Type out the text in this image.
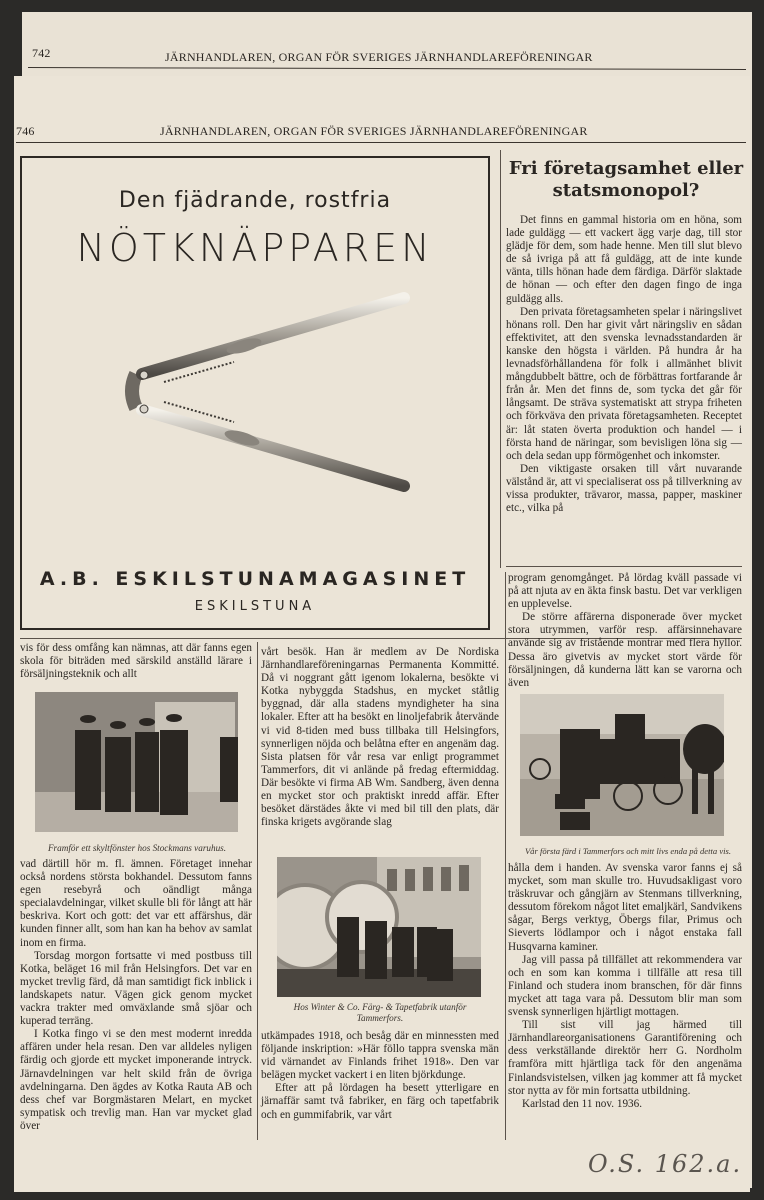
742	JÄRNHANDLAREN, ORGAN FÖR SVERIGES JÄRNHANDLAREFÖRENINGAR
746	JÄRNHANDLAREN, ORGAN FÖR SVERIGES JÄRNHANDLAREFÖRENINGAR
Den fjädrande, rostfria
NÖTKNÄPPAREN
A.B. ESKILSTUNAMAGASINET
ESKILSTUNA
Fri företagsamhet eller statsmonopol?

Det finns en gammal historia om en höna, som lade guldägg — ett vackert ägg varje dag, till stor glädje för dem, som hade henne. Men till slut blevo de så ivriga på att få guldägg, att de inte kunde vänta, tills hönan hade dem färdiga. Därför slaktade de hönan — och efter den dagen fingo de inga guldägg alls.

Den privata företagsamheten spelar i näringslivet hönans roll. Den har givit vårt näringsliv en sådan effektivitet, att den svenska levnadsstandarden är kanske den högsta i världen. På hundra år ha levnadsförhållandena för folk i allmänhet blivit mångdubbelt bättre, och de förbättras fortfarande år från år. Men det finns de, som tycka det går för långsamt. De sträva systematiskt att strypa friheten och förkväva den privata företagsamheten. Receptet är: låt staten överta produktion och handel — i första hand de näringar, som bevisligen löna sig — och dela sedan upp förmögenhet och inkomster.

Den viktigaste orsaken till vårt nuvarande välstånd är, att vi specialiserat oss på tillverkning av vissa produkter, trävaror, massa, papper, maskiner etc., vilka på

vis för dess omfång kan nämnas, att där fanns egen skola för biträden med särskild anställd lärare i försäljningsteknik och allt

Framför ett skyltfönster hos Stockmans varuhus.

vad därtill hör m. fl. ämnen. Företaget innehar också nordens största bokhandel. Dessutom fanns egen resebyrå och oändligt många specialavdelningar, vilket skulle bli för långt att här beskriva. Kort och gott: det var ett affärshus, där kunden finner allt, som han kan ha behov av samlat inom en firma.

Torsdag morgon fortsatte vi med postbuss till Kotka, beläget 16 mil från Helsingfors. Det var en mycket trevlig färd, då man samtidigt fick inblick i landskapets natur. Vägen gick genom mycket vackra trakter med omväxlande små sjöar och kuperad terräng.

I Kotka fingo vi se den mest modernt inredda affären under hela resan. Den var alldeles nyligen färdig och gjorde ett mycket imponerande intryck. Järnavdelningen var helt skild från de övriga avdelningarna. Den ägdes av Kotka Rauta AB och dess chef var Borgmästaren Melart, en mycket sympatisk och trevlig man. Han var mycket glad över

vårt besök. Han är medlem av De Nordiska Järnhandlareföreningarnas Permanenta Kommitté. Då vi noggrant gått igenom lokalerna, besökte vi Kotka nybyggda Stadshus, en mycket ståtlig byggnad, där alla stadens myndigheter ha sina lokaler. Efter att ha besökt en linoljefabrik återvände vi vid 8-tiden med buss tillbaka till Helsingfors, synnerligen nöjda och belåtna efter en angenäm dag. Sista platsen för vår resa var enligt programmet Tammerfors, dit vi anlände på fredag eftermiddag. Där besökte vi firma AB Wm. Sandberg, även denna en mycket stor och praktiskt inredd affär. Efter besöket därstädes åkte vi med bil till den plats, där finska krigets avgörande slag

Hos Winter & Co. Färg- & Tapetfabrik utanför Tammerfors.

utkämpades 1918, och besåg där en minnessten med följande inskription: »Här föllo tappra svenska män vid värnandet av Finlands frihet 1918». Den var belägen mycket vackert i en liten björkdunge.

Efter att på lördagen ha besett ytterligare en järnaffär samt två fabriker, en färg och tapetfabrik och en gummifabrik, var vårt

program genomgånget. På lördag kväll passade vi på att njuta av en äkta finsk bastu. Det var verkligen en upplevelse.

De större affärerna disponerade över mycket stora utrymmen, varför resp. affärsinnehavare använde sig av fristående montrar med flera hyllor. Dessa äro givetvis av mycket stort värde för försäljningen, då kunderna lätt kan se varorna och även

Vår första färd i Tammerfors och mitt livs enda på detta vis.

hålla dem i handen. Av svenska varor fanns ej så mycket, som man skulle tro. Huvudsakligast voro träskruvar och gångjärn av Stenmans tillverkning, dessutom förekom något litet emaljkärl, Sandvikens sågar, Bergs verktyg, Öbergs filar, Primus och Sieverts lödlampor och i något enstaka fall Husqvarna kaminer.

Jag vill passa på tillfället att rekommendera var och en som kan komma i tillfälle att resa till Finland och studera inom branschen, för där finns mycket att taga vara på. Dessutom blir man som svensk synnerligen hjärtligt mottagen.

Till sist vill jag härmed till Järnhandlareorganisationens Garantiförening och dess verkställande direktör herr G. Nordholm framföra mitt hjärtliga tack för den angenäma Finlandsvistelsen, vilken jag kommer att få mycket stor nytta av för min fortsatta utbildning.

Karlstad den 11 nov. 1936.

O.S. 162.a.
